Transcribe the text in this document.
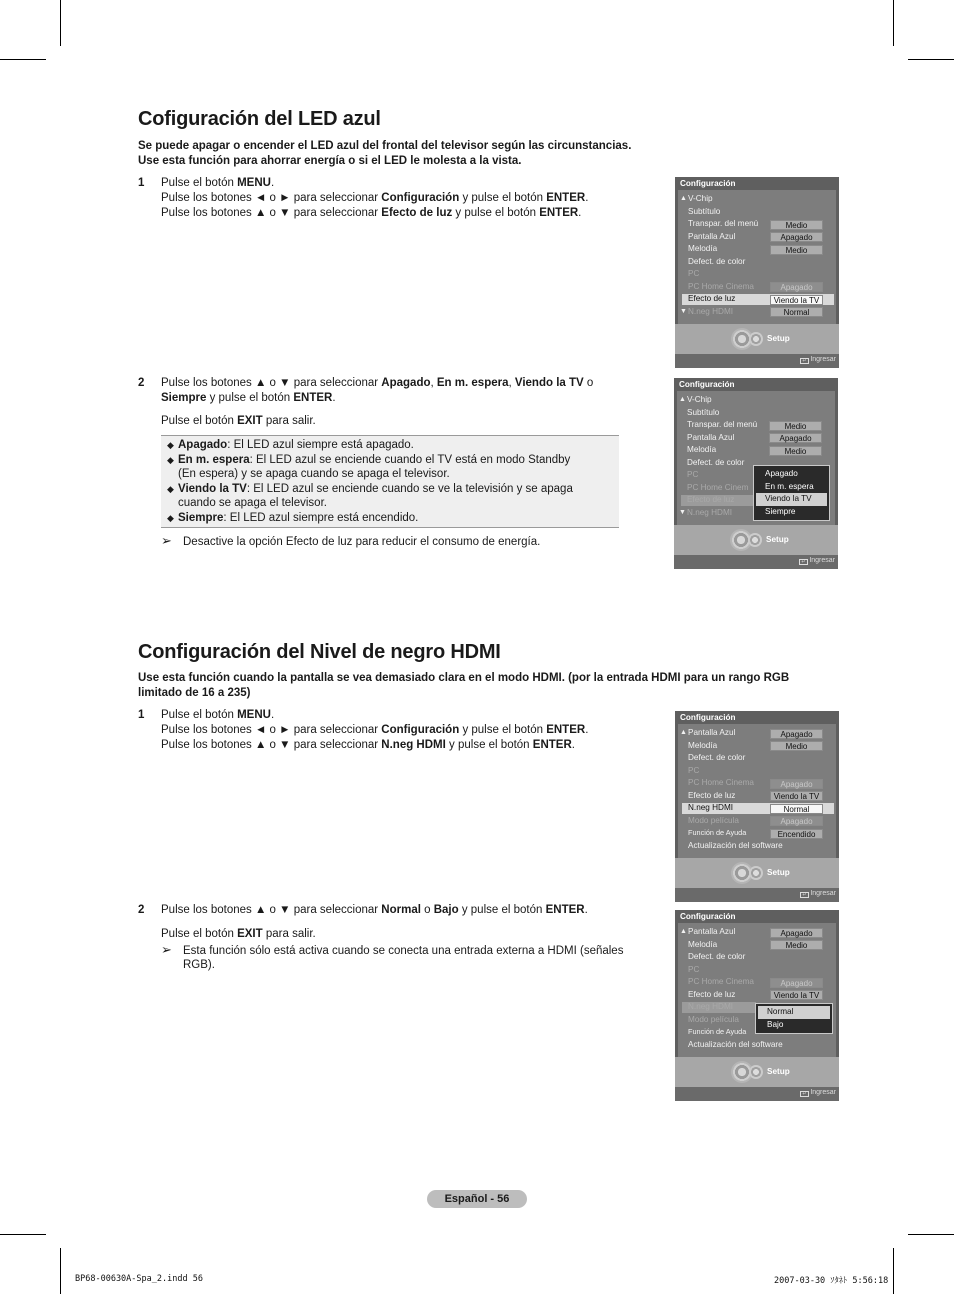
Cofiguración del LED azul
Se puede apagar o encender el LED azul del frontal del televisor según las circunstancias.
Use esta función para ahorrar energía o si el LED le molesta a la vista.
1 Pulse el botón MENU.
Pulse los botones ◄ o ► para seleccionar Configuración y pulse el botón ENTER.
Pulse los botones ▲ o ▼ para seleccionar Efecto de luz y pulse el botón ENTER.
2 Pulse los botones ▲ o ▼ para seleccionar Apagado, En m. espera, Viendo la TV o
Siempre y pulse el botón ENTER.
Pulse el botón EXIT para salir.
◆ Apagado: El LED azul siempre está apagado.
◆ En m. espera: El LED azul se enciende cuando el TV está en modo Standby
(En espera) y se apaga cuando se apaga el televisor.
◆ Viendo la TV: El LED azul se enciende cuando se ve la televisión y se apaga
cuando se apaga el televisor.
◆ Siempre: El LED azul siempre está encendido.
➢ Desactive la opción Efecto de luz para reducir el consumo de energía.
Configuración
▲ V-Chip
Subtítulo
Transpar. del menú	Medio
Pantalla Azul	Apagado
Melodía	Medio
Defect. de color
PC
PC Home Cinema	Apagado
Efecto de luz	Viendo la TV
▼ N.neg HDMI	Normal
Setup
↵ Ingresar
Configuración
▲ V-Chip
Subtítulo
Transpar. del menú	Medio
Pantalla Azul	Apagado
Melodía	Medio
Defect. de color
PC
PC Home Cinem
Efecto de luz
▼ N.neg HDMI
Apagado
En m. espera
Viendo la TV
Siempre
Setup
↵ Ingresar
Configuración del Nivel de negro HDMI
Use esta función cuando la pantalla se vea demasiado clara en el modo HDMI. (por la entrada HDMI para un rango RGB
limitado de 16 a 235)
1 Pulse el botón MENU.
Pulse los botones ◄ o ► para seleccionar Configuración y pulse el botón ENTER.
Pulse los botones ▲ o ▼ para seleccionar N.neg HDMI y pulse el botón ENTER.
2 Pulse los botones ▲ o ▼ para seleccionar Normal o Bajo y pulse el botón ENTER.
Pulse el botón EXIT para salir.
➢ Esta función sólo está activa cuando se conecta una entrada externa a HDMI (señales
RGB).
Configuración
▲ Pantalla Azul	Apagado
Melodía	Medio
Defect. de color
PC
PC Home Cinema	Apagado
Efecto de luz	Viendo la TV
N.neg HDMI	Normal
Modo película	Apagado
Función de Ayuda	Encendido
Actualización del software
Setup
↵ Ingresar
Configuración
▲ Pantalla Azul	Apagado
Melodía	Medio
Defect. de color
PC
PC Home Cinema	Apagado
Efecto de luz	Viendo la TV
N.neg HDMI
Modo película
Función de Ayuda
Actualización del software
Normal
Bajo
Setup
↵ Ingresar
Español - 56
BP68-00630A-Spa_2.indd 56	2007-03-30 ｿﾀﾈﾄ 5:56:18
